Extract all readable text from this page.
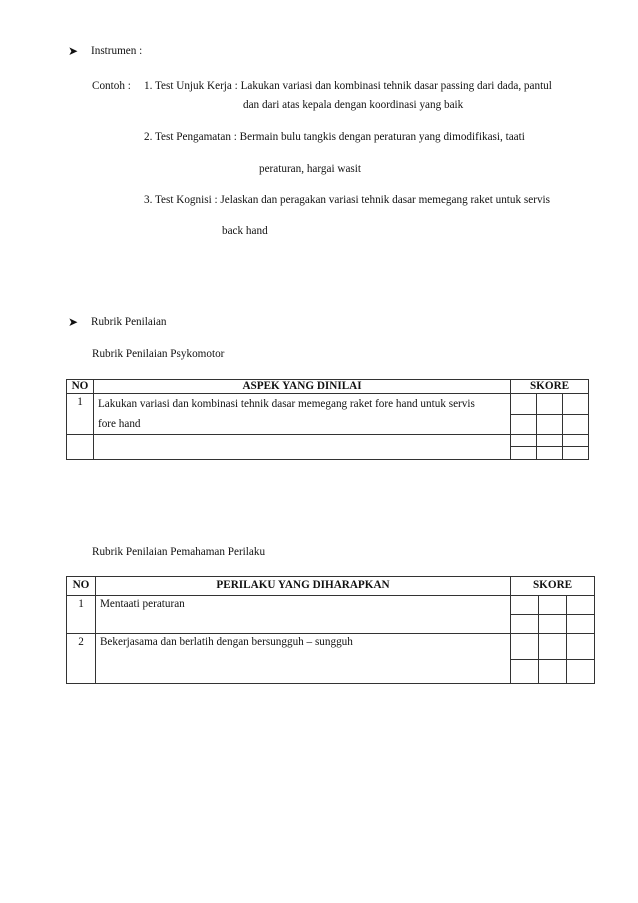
➤ Instrumen :
Contoh : 1. Test Unjuk Kerja : Lakukan variasi dan kombinasi tehnik dasar passing dari dada, pantul
dan dari atas kepala dengan koordinasi yang baik
2. Test Pengamatan : Bermain bulu tangkis dengan peraturan yang dimodifikasi, taati
peraturan, hargai wasit
3. Test Kognisi : Jelaskan dan peragakan variasi tehnik dasar memegang raket untuk servis
back hand
➤ Rubrik Penilaian
Rubrik Penilaian Psykomotor
NO	ASPEK YANG DINILAI	SKORE		
1	Lakukan variasi dan kombinasi tehnik dasar memegang raket fore hand untuk servis
fore hand			

Rubrik Penilaian Pemahaman Perilaku
NO	PERILAKU YANG DIHARAPKAN	SKORE		
1	Mentaati peraturan			

2	Bekerjasama dan berlatih dengan bersungguh – sungguh			
